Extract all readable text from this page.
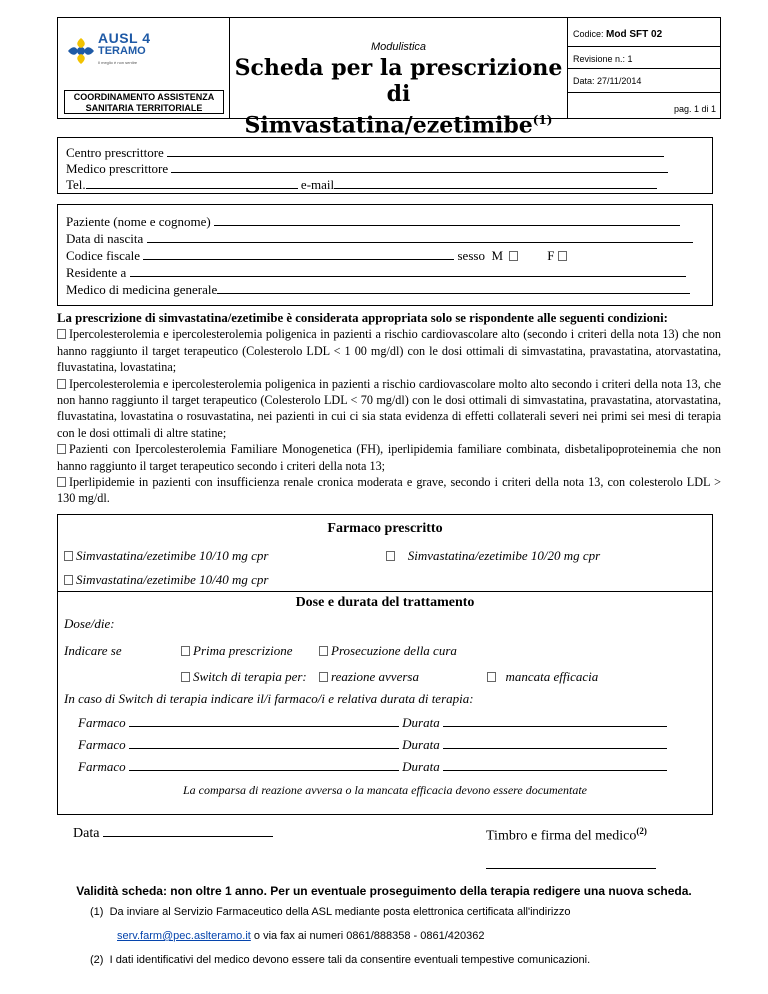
AUSL 4
TERAMO
Il meglio è non sentire
COORDINAMENTO ASSISTENZA SANITARIA TERRITORIALE
Modulistica
Scheda per la prescrizione di Simvastatina/ezetimibe$^{(1)}$
Codice: Mod SFT 02
Revisione n.: 1
Data: 27/11/2014
pag. 1 di 1
Centro prescrittore
Medico prescrittore
Tel.	e-mail
Paziente (nome e cognome)
Data di nascita
Codice fiscale	sesso M	F
Residente a
Medico di medicina generale

La prescrizione di simvastatina/ezetimibe è considerata appropriata solo se rispondente alle seguenti condizioni:

Ipercolesterolemia e ipercolesterolemia poligenica in pazienti a rischio cardiovascolare alto (secondo i criteri della nota 13) che non hanno raggiunto il target terapeutico (Colesterolo LDL < 1 00 mg/dl) con le dosi ottimali di simvastatina, pravastatina, atorvastatina, fluvastatina, lovastatina;

Ipercolesterolemia e ipercolesterolemia poligenica in pazienti a rischio cardiovascolare molto alto secondo i criteri della nota 13, che non hanno raggiunto il target terapeutico (Colesterolo LDL < 70 mg/dl) con le dosi ottimali di simvastatina, pravastatina, atorvastatina, fluvastatina, lovastatina o rosuvastatina, nei pazienti in cui ci sia stata evidenza di effetti collaterali severi nei primi sei mesi di terapia con le dosi ottimali di altre statine;

Pazienti con Ipercolesterolemia Familiare Monogenetica (FH), iperlipidemia familiare combinata, disbetalipoproteinemia che non hanno raggiunto il target terapeutico secondo i criteri della nota 13;

Iperlipidemie in pazienti con insufficienza renale cronica moderata e grave, secondo i criteri della nota 13, con colesterolo LDL > 130 mg/dl.

Farmaco prescritto
Simvastatina/ezetimibe 10/10 mg cpr	Simvastatina/ezetimibe 10/20 mg cpr
Simvastatina/ezetimibe 10/40 mg cpr
Dose e durata del trattamento
Dose/die:
Indicare se	Prima prescrizione	Prosecuzione della cura
Switch di terapia per:	reazione avversa	mancata efficacia
In caso di Switch di terapia indicare il/i farmaco/i e relativa durata di terapia:
Farmaco	Durata
Farmaco	Durata
Farmaco	Durata
La comparsa di reazione avversa o la mancata efficacia devono essere documentate
Data	Timbro e firma del medico$^{(2)}$
Validità scheda: non oltre 1 anno. Per un eventuale proseguimento della terapia redigere una nuova scheda.
(1) Da inviare al Servizio Farmaceutico della ASL mediante posta elettronica certificata all'indirizzo
serv.farm@pec.aslteramo.it o via fax ai numeri 0861/888358 - 0861/420362
(2) I dati identificativi del medico devono essere tali da consentire eventuali tempestive comunicazioni.
